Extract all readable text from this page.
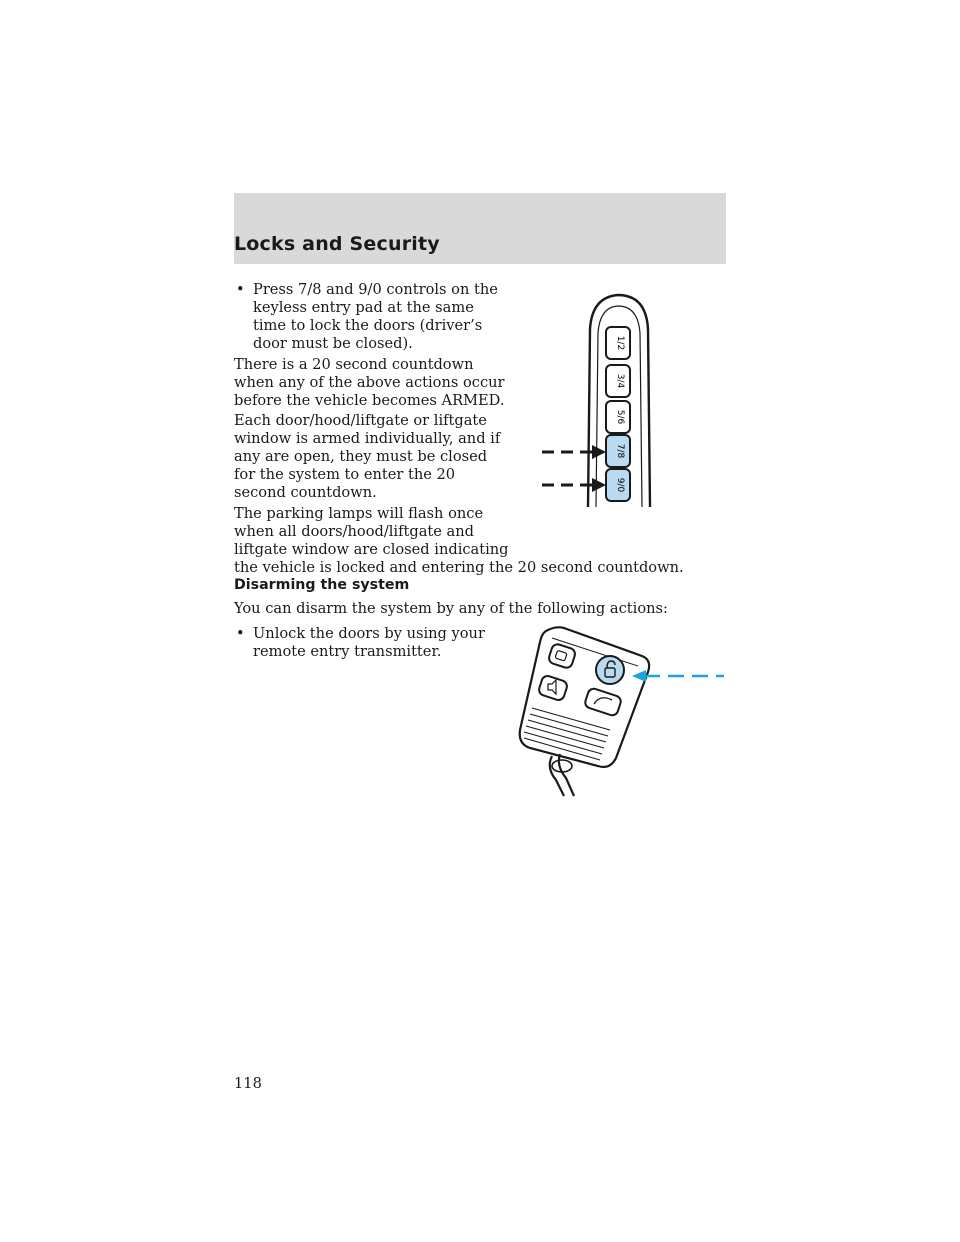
Locks and Security
• Press 7/8 and 9/0 controls on the
keyless entry pad at the same
time to lock the doors (driver’s
door must be closed).

There is a 20 second countdown
when any of the above actions occur
before the vehicle becomes ARMED.

Each door/hood/liftgate or liftgate
window is armed individually, and if
any are open, they must be closed
for the system to enter the 20
second countdown.

The parking lamps will flash once
when all doors/hood/liftgate and
liftgate window are closed indicating
the vehicle is locked and entering the 20 second countdown.

Disarming the system

You can disarm the system by any of the following actions:

• Unlock the doors by using your
remote entry transmitter.

1/2
3/4
5/6
7/8
9/0
118
